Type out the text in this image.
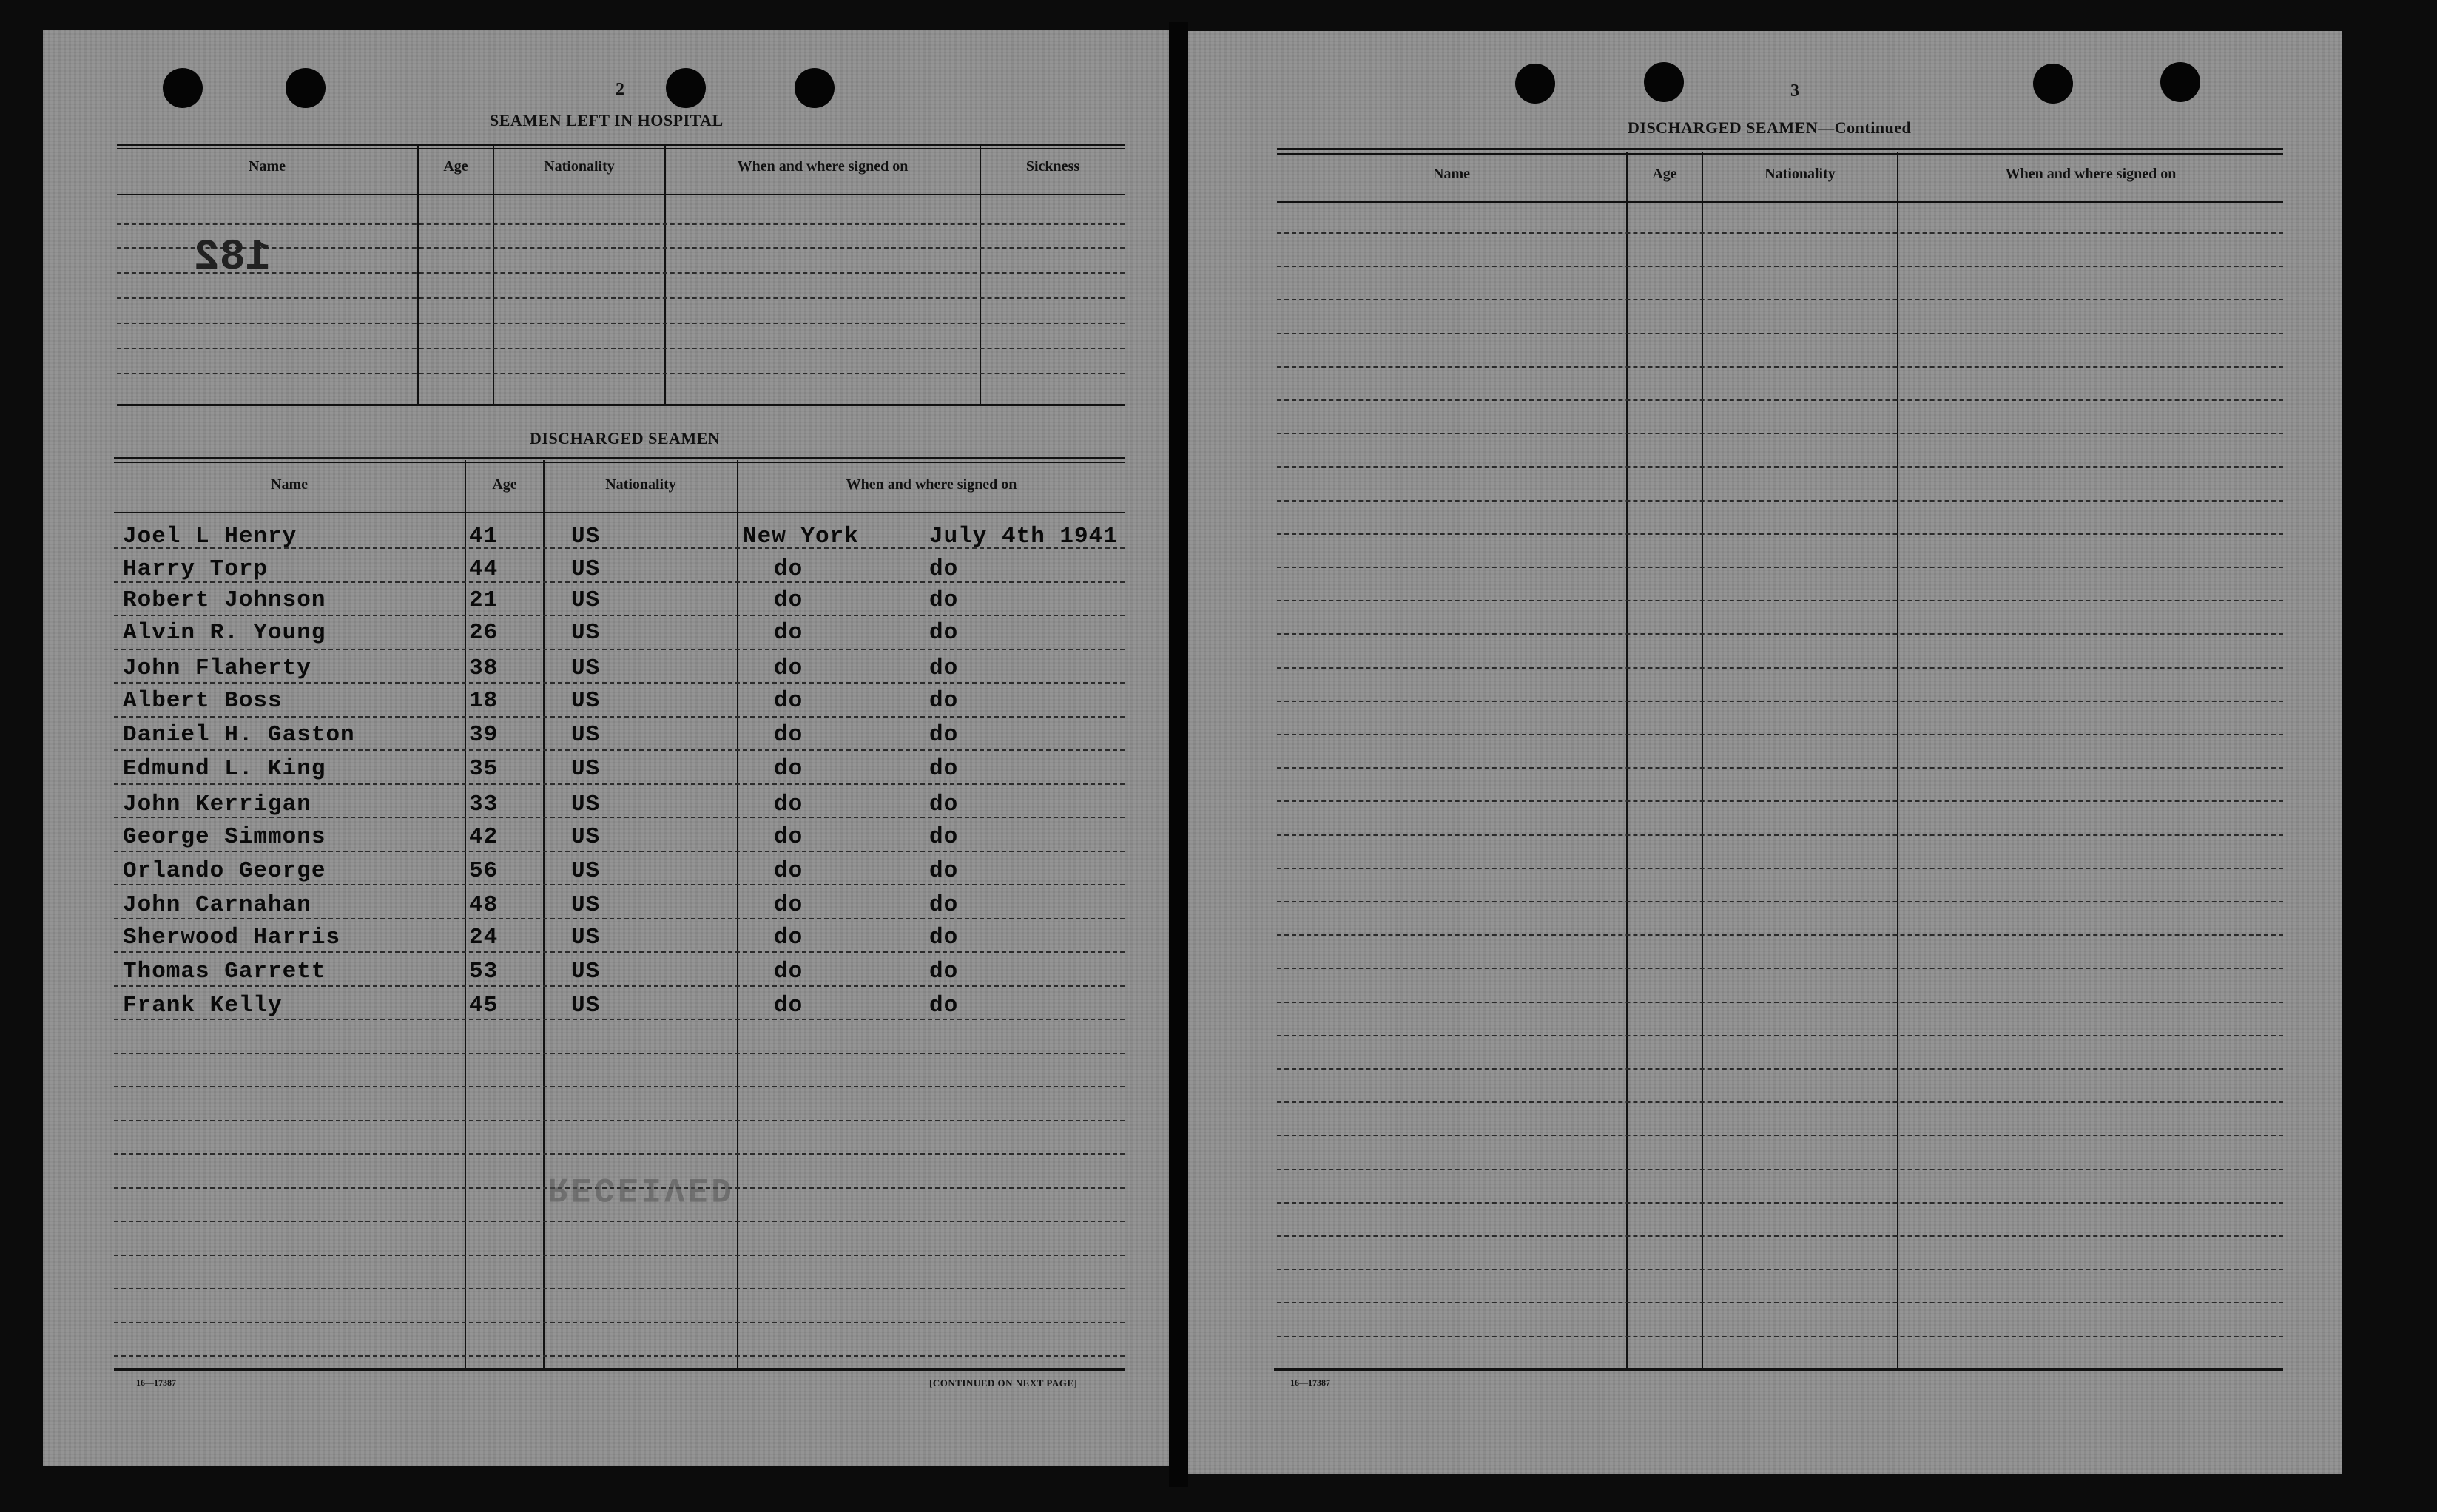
2
SEAMEN LEFT IN HOSPITAL
Name	Age	Nationality	When and where signed on	Sickness
182
DISCHARGED SEAMEN
Name	Age	Nationality	When and where signed on
Joel L Henry	41	US	New York	July 4th 1941
Harry Torp	44	US	do	do
Robert Johnson	21	US	do	do
Alvin R. Young	26	US	do	do
John Flaherty	38	US	do	do
Albert Boss	18	US	do	do
Daniel H. Gaston	39	US	do	do
Edmund L. King	35	US	do	do
John Kerrigan	33	US	do	do
George Simmons	42	US	do	do
Orlando George	56	US	do	do
John Carnahan	48	US	do	do
Sherwood Harris	24	US	do	do
Thomas Garrett	53	US	do	do
Frank Kelly	45	US	do	do
16—17387	[CONTINUED ON NEXT PAGE]
RECEIVED
3
DISCHARGED SEAMEN—Continued
Name	Age	Nationality	When and where signed on
16—17387
